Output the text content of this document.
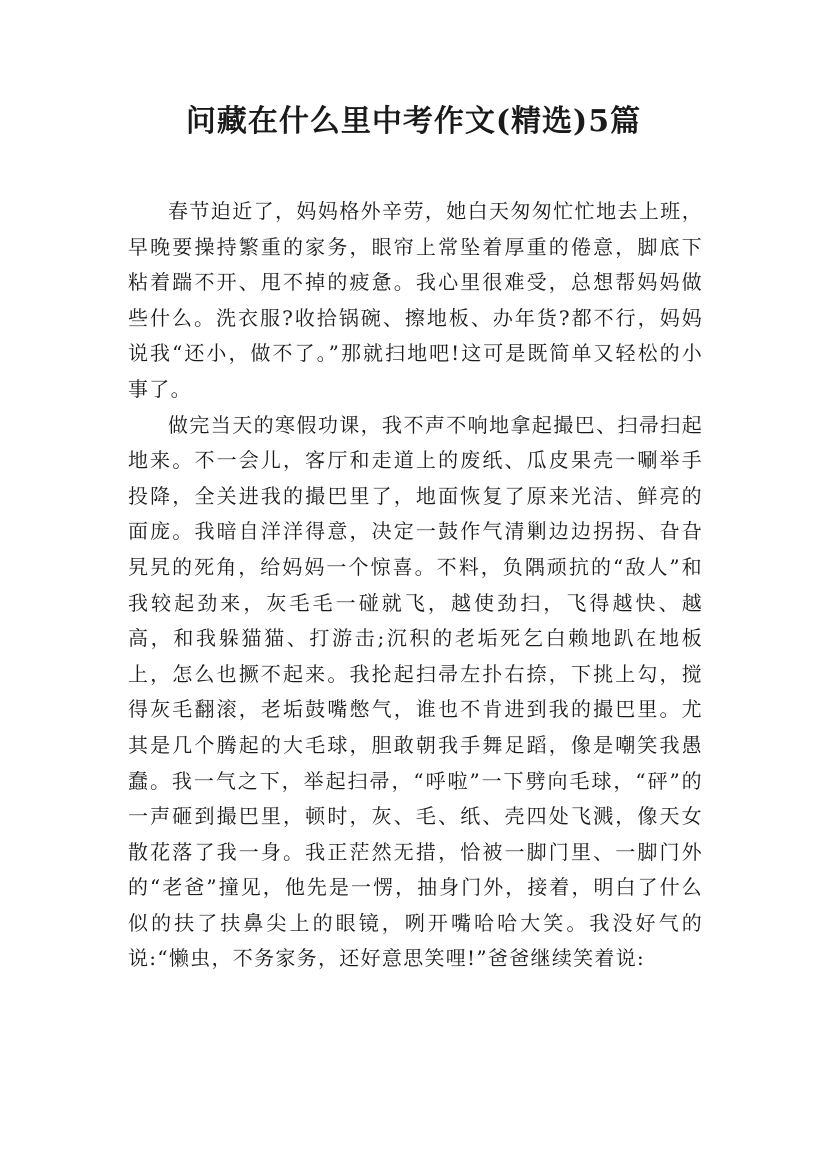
问藏在什么里中考作文(精选)5篇

春节迫近了，妈妈格外辛劳，她白天匆匆忙忙地去上班，早晚要操持繁重的家务，眼帘上常坠着厚重的倦意，脚底下粘着踹不开、甩不掉的疲惫。我心里很难受，总想帮妈妈做些什么。洗衣服?收拾锅碗、擦地板、办年货?都不行，妈妈说我“还小，做不了。”那就扫地吧!这可是既简单又轻松的小事了。

做完当天的寒假功课，我不声不响地拿起撮巴、扫帚扫起地来。不一会儿，客厅和走道上的废纸、瓜皮果壳一唰举手投降，全关进我的撮巴里了，地面恢复了原来光洁、鲜亮的面庞。我暗自洋洋得意，决定一鼓作气清剿边边拐拐、旮旮旯旯的死角，给妈妈一个惊喜。不料，负隅顽抗的“敌人”和我较起劲来，灰毛毛一碰就飞，越使劲扫，飞得越快、越高，和我躲猫猫、打游击;沉积的老垢死乞白赖地趴在地板上，怎么也撅不起来。我抡起扫帚左扑右捺，下挑上勾，搅得灰毛翻滚，老垢鼓嘴憋气，谁也不肯进到我的撮巴里。尤其是几个腾起的大毛球，胆敢朝我手舞足蹈，像是嘲笑我愚蠢。我一气之下，举起扫帚，“呼啦”一下劈向毛球，“砰”的一声砸到撮巴里，顿时，灰、毛、纸、壳四处飞溅，像天女散花落了我一身。我正茫然无措，恰被一脚门里、一脚门外的“老爸”撞见，他先是一愣，抽身门外，接着，明白了什么似的扶了扶鼻尖上的眼镜，咧开嘴哈哈大笑。我没好气的说:“懒虫，不务家务，还好意思笑哩!”爸爸继续笑着说:
